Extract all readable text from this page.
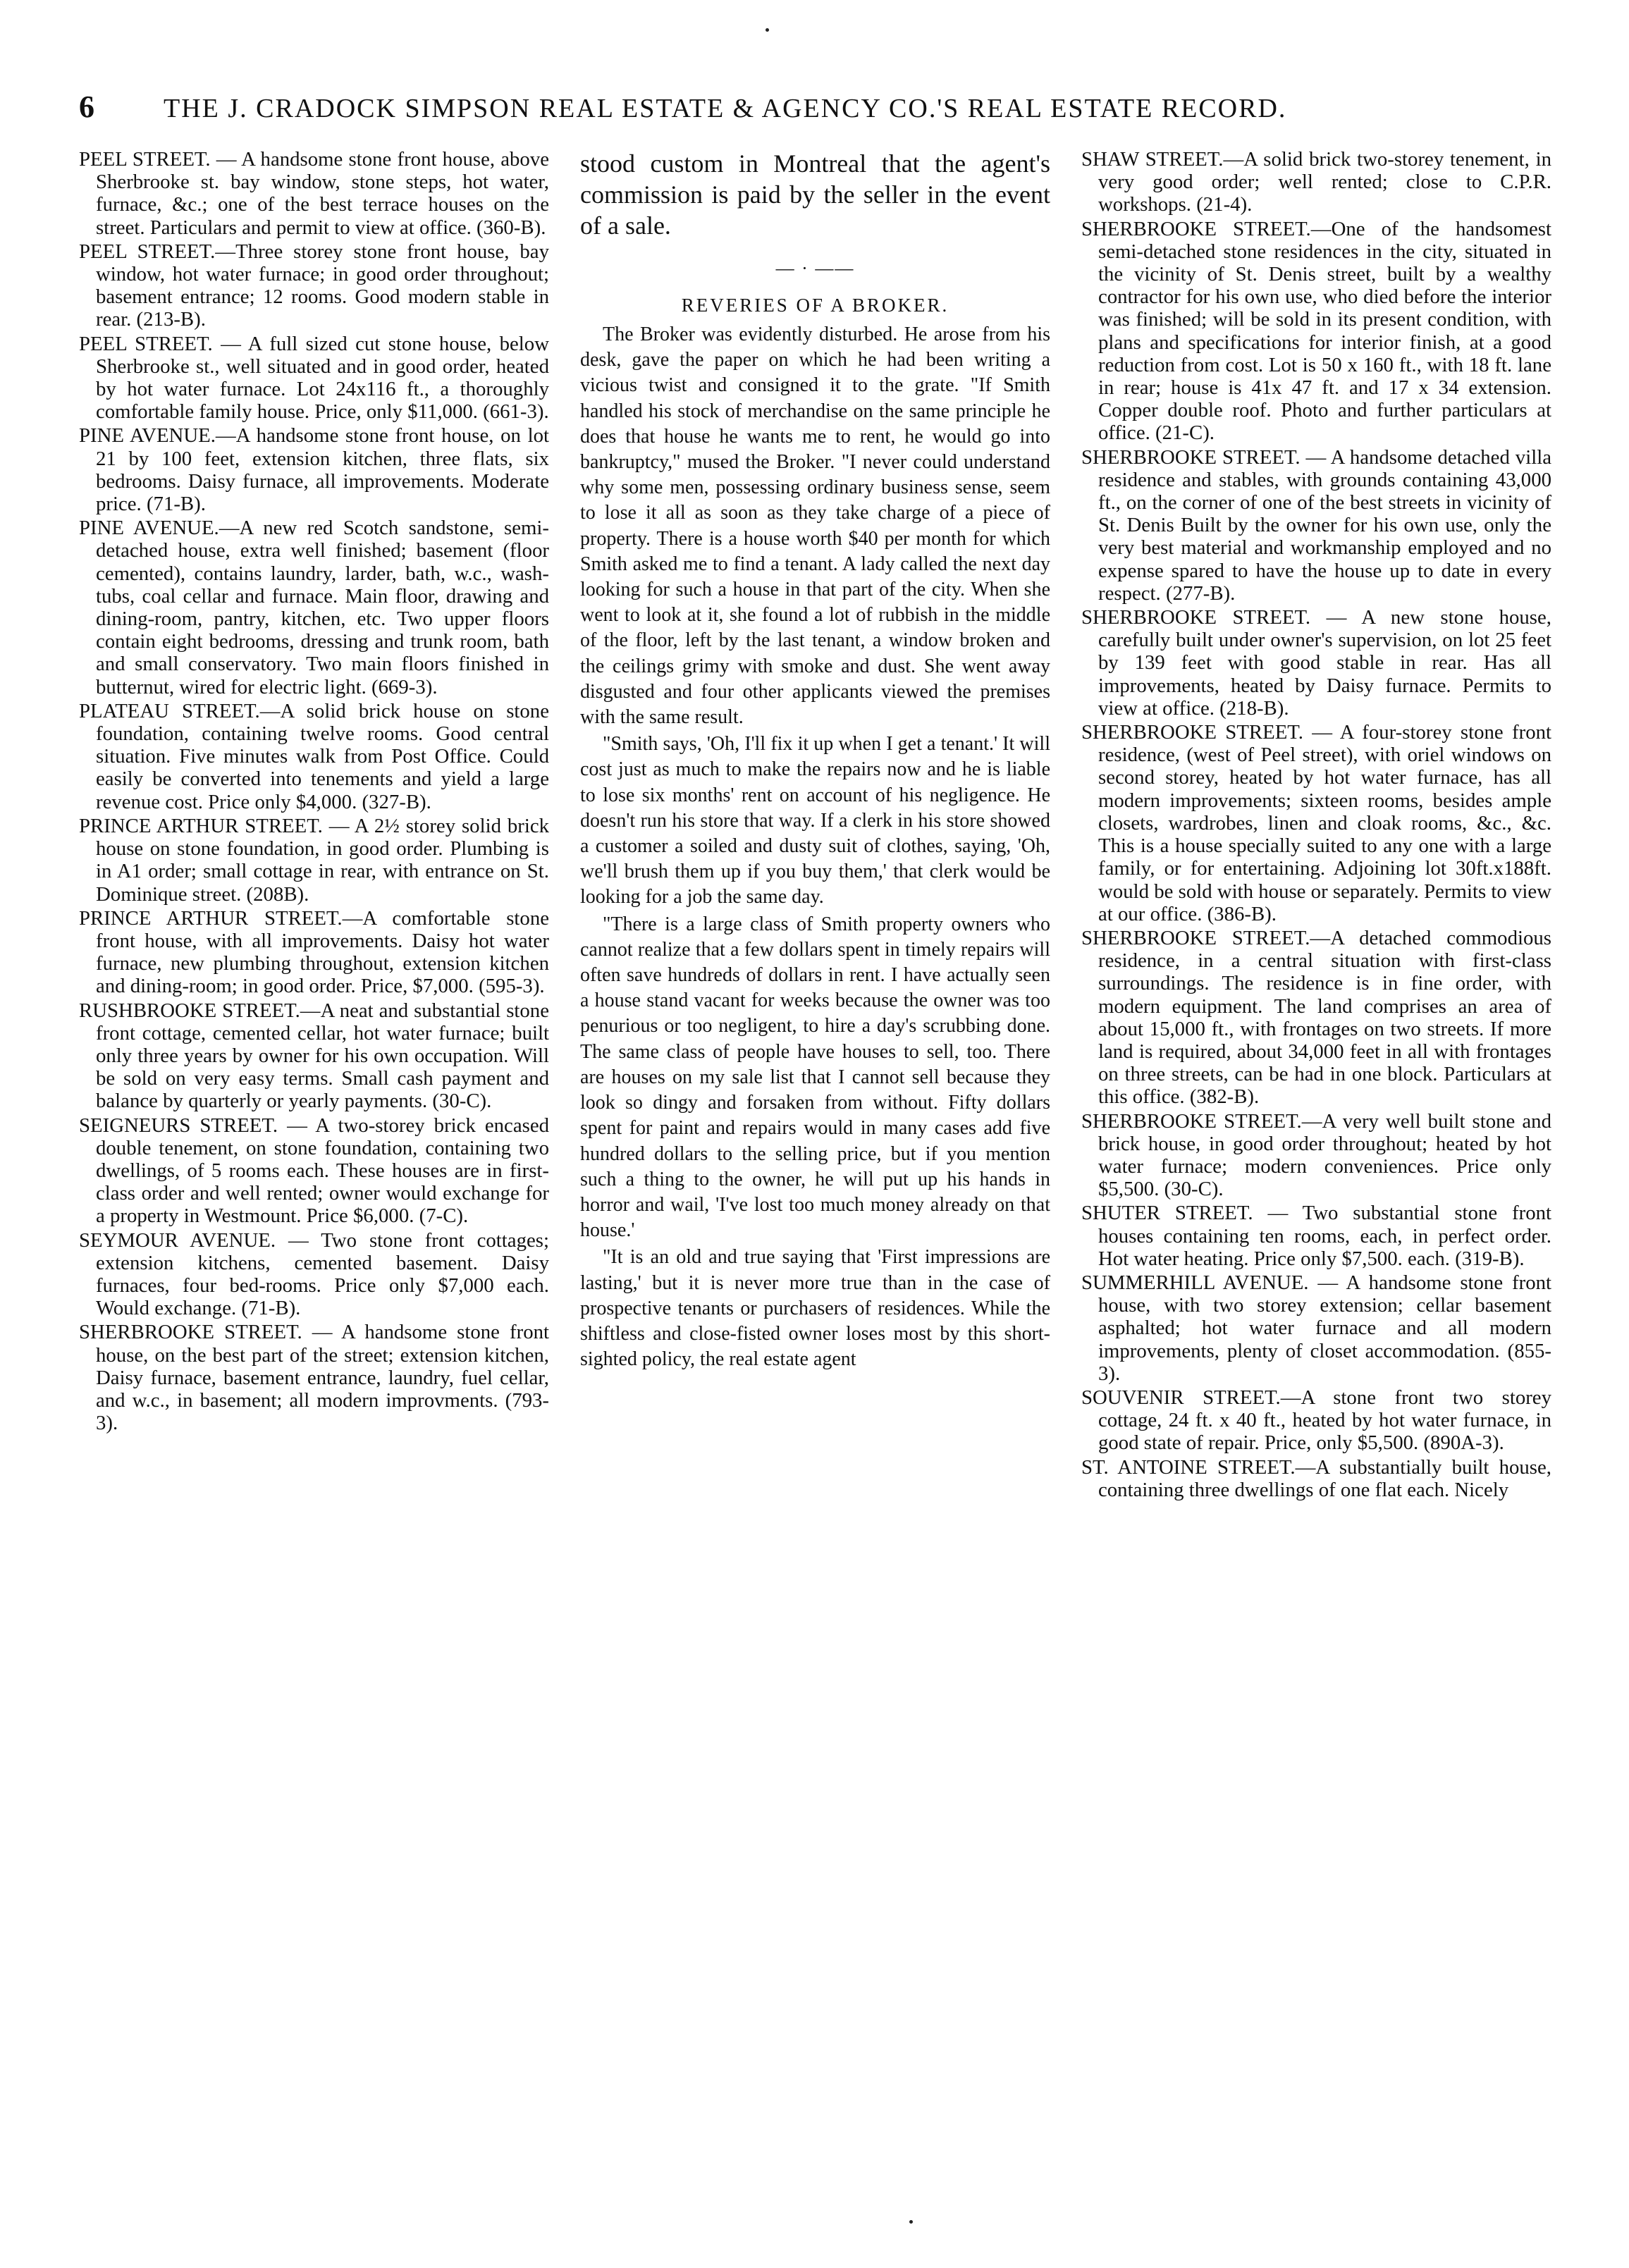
6	THE J. CRADOCK SIMPSON REAL ESTATE & AGENCY CO.'S REAL ESTATE RECORD.

PEEL STREET. — A handsome stone front house, above Sherbrooke st. bay window, stone steps, hot water, furnace, &c.; one of the best terrace houses on the street. Particulars and permit to view at office. (360-B).

PEEL STREET.—Three storey stone front house, bay window, hot water furnace; in good order throughout; basement entrance; 12 rooms. Good modern stable in rear. (213-B).

PEEL STREET. — A full sized cut stone house, below Sherbrooke st., well situated and in good order, heated by hot water furnace. Lot 24x116 ft., a thoroughly comfortable family house. Price, only $11,000. (661-3).

PINE AVENUE.—A handsome stone front house, on lot 21 by 100 feet, extension kitchen, three flats, six bedrooms. Daisy furnace, all improvements. Moderate price. (71-B).

PINE AVENUE.—A new red Scotch sandstone, semi-detached house, extra well finished; basement (floor cemented), contains laundry, larder, bath, w.c., wash-tubs, coal cellar and furnace. Main floor, drawing and dining-room, pantry, kitchen, etc. Two upper floors contain eight bedrooms, dressing and trunk room, bath and small conservatory. Two main floors finished in butternut, wired for electric light. (669-3).

PLATEAU STREET.—A solid brick house on stone foundation, containing twelve rooms. Good central situation. Five minutes walk from Post Office. Could easily be converted into tenements and yield a large revenue cost. Price only $4,000. (327-B).

PRINCE ARTHUR STREET. — A 2½ storey solid brick house on stone foundation, in good order. Plumbing is in A1 order; small cottage in rear, with entrance on St. Dominique street. (208B).

PRINCE ARTHUR STREET.—A comfortable stone front house, with all improvements. Daisy hot water furnace, new plumbing throughout, extension kitchen and dining-room; in good order. Price, $7,000. (595-3).

RUSHBROOKE STREET.—A neat and substantial stone front cottage, cemented cellar, hot water furnace; built only three years by owner for his own occupation. Will be sold on very easy terms. Small cash payment and balance by quarterly or yearly payments. (30-C).

SEIGNEURS STREET. — A two-storey brick encased double tenement, on stone foundation, containing two dwellings, of 5 rooms each. These houses are in first-class order and well rented; owner would exchange for a property in Westmount. Price $6,000. (7-C).

SEYMOUR AVENUE. — Two stone front cottages; extension kitchens, cemented basement. Daisy furnaces, four bed-rooms. Price only $7,000 each. Would exchange. (71-B).

SHERBROOKE STREET. — A handsome stone front house, on the best part of the street; extension kitchen, Daisy furnace, basement entrance, laundry, fuel cellar, and w.c., in basement; all modern improvments. (793-3).

stood custom in Montreal that the agent's commission is paid by the seller in the event of a sale.

— · ——
REVERIES OF A BROKER.

The Broker was evidently disturbed. He arose from his desk, gave the paper on which he had been writing a vicious twist and consigned it to the grate. "If Smith handled his stock of merchandise on the same principle he does that house he wants me to rent, he would go into bankruptcy," mused the Broker. "I never could understand why some men, possessing ordinary business sense, seem to lose it all as soon as they take charge of a piece of property. There is a house worth $40 per month for which Smith asked me to find a tenant. A lady called the next day looking for such a house in that part of the city. When she went to look at it, she found a lot of rubbish in the middle of the floor, left by the last tenant, a window broken and the ceilings grimy with smoke and dust. She went away disgusted and four other applicants viewed the premises with the same result.

"Smith says, 'Oh, I'll fix it up when I get a tenant.' It will cost just as much to make the repairs now and he is liable to lose six months' rent on account of his negligence. He doesn't run his store that way. If a clerk in his store showed a customer a soiled and dusty suit of clothes, saying, 'Oh, we'll brush them up if you buy them,' that clerk would be looking for a job the same day.

"There is a large class of Smith property owners who cannot realize that a few dollars spent in timely repairs will often save hundreds of dollars in rent. I have actually seen a house stand vacant for weeks because the owner was too penurious or too negligent, to hire a day's scrubbing done. The same class of people have houses to sell, too. There are houses on my sale list that I cannot sell because they look so dingy and forsaken from without. Fifty dollars spent for paint and repairs would in many cases add five hundred dollars to the selling price, but if you mention such a thing to the owner, he will put up his hands in horror and wail, 'I've lost too much money already on that house.'

"It is an old and true saying that 'First impressions are lasting,' but it is never more true than in the case of prospective tenants or purchasers of residences. While the shiftless and close-fisted owner loses most by this short-sighted policy, the real estate agent

SHAW STREET.—A solid brick two-storey tenement, in very good order; well rented; close to C.P.R. workshops. (21-4).

SHERBROOKE STREET.—One of the handsomest semi-detached stone residences in the city, situated in the vicinity of St. Denis street, built by a wealthy contractor for his own use, who died before the interior was finished; will be sold in its present condition, with plans and specifications for interior finish, at a good reduction from cost. Lot is 50 x 160 ft., with 18 ft. lane in rear; house is 41x 47 ft. and 17 x 34 extension. Copper double roof. Photo and further particulars at office. (21-C).

SHERBROOKE STREET. — A handsome detached villa residence and stables, with grounds containing 43,000 ft., on the corner of one of the best streets in vicinity of St. Denis Built by the owner for his own use, only the very best material and workmanship employed and no expense spared to have the house up to date in every respect. (277-B).

SHERBROOKE STREET. — A new stone house, carefully built under owner's supervision, on lot 25 feet by 139 feet with good stable in rear. Has all improvements, heated by Daisy furnace. Permits to view at office. (218-B).

SHERBROOKE STREET. — A four-storey stone front residence, (west of Peel street), with oriel windows on second storey, heated by hot water furnace, has all modern improvements; sixteen rooms, besides ample closets, wardrobes, linen and cloak rooms, &c., &c. This is a house specially suited to any one with a large family, or for entertaining. Adjoining lot 30ft.x188ft. would be sold with house or separately. Permits to view at our office. (386-B).

SHERBROOKE STREET.—A detached commodious residence, in a central situation with first-class surroundings. The residence is in fine order, with modern equipment. The land comprises an area of about 15,000 ft., with frontages on two streets. If more land is required, about 34,000 feet in all with frontages on three streets, can be had in one block. Particulars at this office. (382-B).

SHERBROOKE STREET.—A very well built stone and brick house, in good order throughout; heated by hot water furnace; modern conveniences. Price only $5,500. (30-C).

SHUTER STREET. — Two substantial stone front houses containing ten rooms, each, in perfect order. Hot water heating. Price only $7,500. each. (319-B).

SUMMERHILL AVENUE. — A handsome stone front house, with two storey extension; cellar basement asphalted; hot water furnace and all modern improvements, plenty of closet accommodation. (855-3).

SOUVENIR STREET.—A stone front two storey cottage, 24 ft. x 40 ft., heated by hot water furnace, in good state of repair. Price, only $5,500. (890A-3).

ST. ANTOINE STREET.—A substantially built house, containing three dwellings of one flat each. Nicely
